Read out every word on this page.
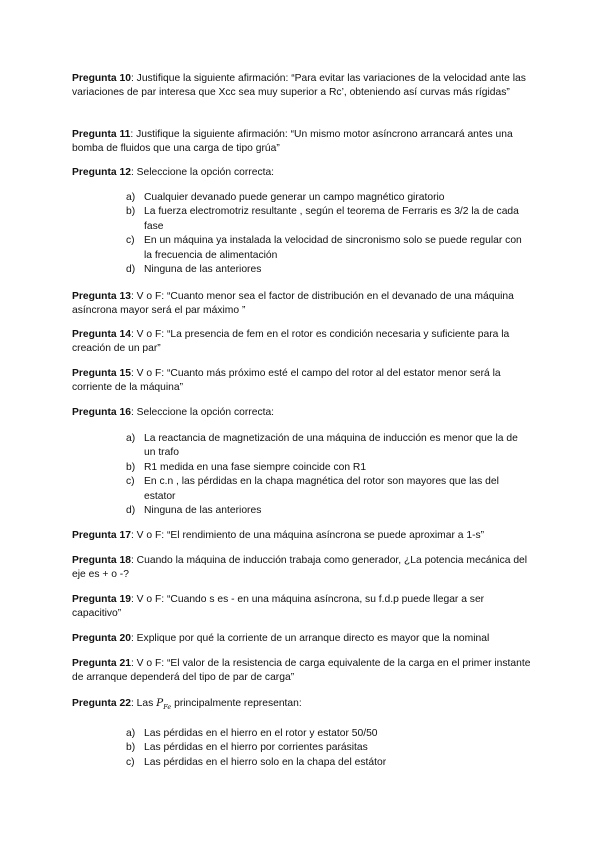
Pregunta 10: Justifique la siguiente afirmación: “Para evitar las variaciones de la velocidad ante las variaciones de par interesa que Xcc sea muy superior a Rc’, obteniendo así curvas más rígidas”

Pregunta 11: Justifique la siguiente afirmación: “Un mismo motor asíncrono arrancará antes una bomba de fluidos que una carga de tipo grúa”

Pregunta 12: Seleccione la opción correcta:

a) Cualquier devanado puede generar un campo magnético giratorio
b) La fuerza electromotriz resultante , según el teorema de Ferraris es 3/2 la de cada fase
c) En un máquina ya instalada la velocidad de sincronismo solo se puede regular con la frecuencia de alimentación
d) Ninguna de las anteriores

Pregunta 13: V o F: “Cuanto menor sea el factor de distribución en el devanado de una máquina asíncrona mayor será el par máximo ”

Pregunta 14: V o F: “La presencia de fem en el rotor es condición necesaria y suficiente para la creación de un par”

Pregunta 15: V o F: “Cuanto más próximo esté el campo del rotor al del estator menor será la corriente de la máquina”

Pregunta 16: Seleccione la opción correcta:

a) La reactancia de magnetización de una máquina de inducción es menor que la de un trafo
b) R1 medida en una fase siempre coincide con R1
c) En c.n , las pérdidas en la chapa magnética del rotor son mayores que las del estator
d) Ninguna de las anteriores

Pregunta 17: V o F: “El rendimiento de una máquina asíncrona se puede aproximar a 1-s”

Pregunta 18: Cuando la máquina de inducción trabaja como generador, ¿La potencia mecánica del eje es + o -?

Pregunta 19: V o F: “Cuando s es - en una máquina asíncrona, su f.d.p puede llegar a ser capacitivo”

Pregunta 20: Explique por qué la corriente de un arranque directo es mayor que la nominal

Pregunta 21: V o F: “El valor de la resistencia de carga equivalente de la carga en el primer instante de arranque dependerá del tipo de par de carga”

Pregunta 22: Las $P_{Fe}$ principalmente representan:

a) Las pérdidas en el hierro en el rotor y estator 50/50
b) Las pérdidas en el hierro por corrientes parásitas
c) Las pérdidas en el hierro solo en la chapa del estátor
